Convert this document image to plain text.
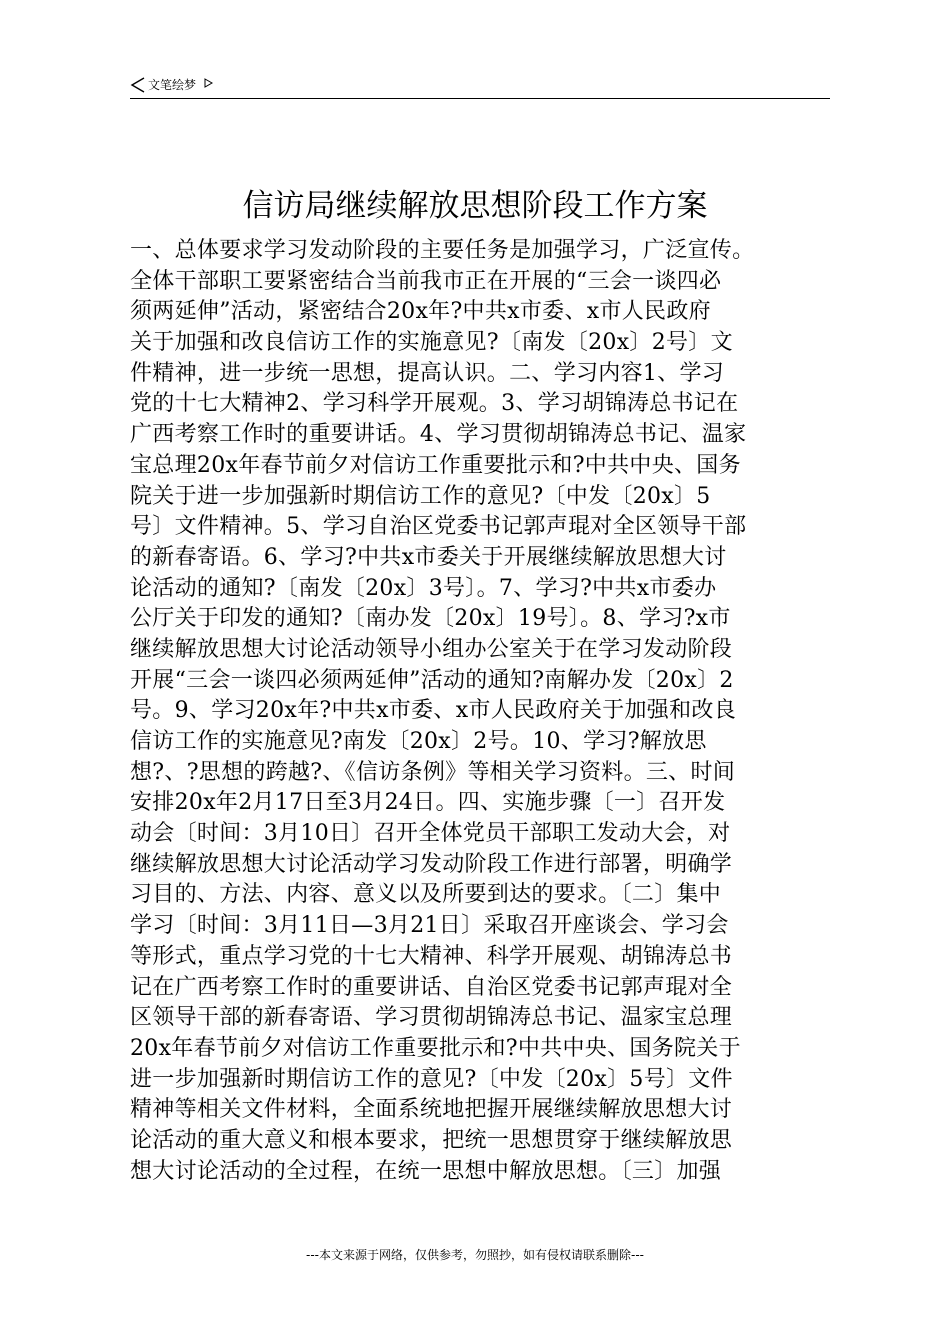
文笔绘梦
信访局继续解放思想阶段工作方案
一、总体要求学习发动阶段的主要任务是加强学习，广泛宣传。
全体干部职工要紧密结合当前我市正在开展的“三会一谈四必
须两延伸”活动，紧密结合20x年?中共x市委、x市人民政府
关于加强和改良信访工作的实施意见?〔南发〔20x〕2号〕文
件精神，进一步统一思想，提高认识。二、学习内容1、学习
党的十七大精神2、学习科学开展观。3、学习胡锦涛总书记在
广西考察工作时的重要讲话。4、学习贯彻胡锦涛总书记、温家
宝总理20x年春节前夕对信访工作重要批示和?中共中央、国务
院关于进一步加强新时期信访工作的意见?〔中发〔20x〕5
号〕文件精神。5、学习自治区党委书记郭声琨对全区领导干部
的新春寄语。6、学习?中共x市委关于开展继续解放思想大讨
论活动的通知?〔南发〔20x〕3号〕。7、学习?中共x市委办
公厅关于印发的通知?〔南办发〔20x〕19号〕。8、学习?x市
继续解放思想大讨论活动领导小组办公室关于在学习发动阶段
开展“三会一谈四必须两延伸”活动的通知?南解办发〔20x〕2
号。9、学习20x年?中共x市委、x市人民政府关于加强和改良
信访工作的实施意见?南发〔20x〕2号。10、学习?解放思
想?、?思想的跨越?、《信访条例》等相关学习资料。三、时间
安排20x年2月17日至3月24日。四、实施步骤〔一〕召开发
动会〔时间：3月10日〕召开全体党员干部职工发动大会，对
继续解放思想大讨论活动学习发动阶段工作进行部署，明确学
习目的、方法、内容、意义以及所要到达的要求。〔二〕集中
学习〔时间：3月11日—3月21日〕采取召开座谈会、学习会
等形式，重点学习党的十七大精神、科学开展观、胡锦涛总书
记在广西考察工作时的重要讲话、自治区党委书记郭声琨对全
区领导干部的新春寄语、学习贯彻胡锦涛总书记、温家宝总理
20x年春节前夕对信访工作重要批示和?中共中央、国务院关于
进一步加强新时期信访工作的意见?〔中发〔20x〕5号〕文件
精神等相关文件材料，全面系统地把握开展继续解放思想大讨
论活动的重大意义和根本要求，把统一思想贯穿于继续解放思
想大讨论活动的全过程，在统一思想中解放思想。〔三〕加强
---本文来源于网络，仅供参考，勿照抄，如有侵权请联系删除---
